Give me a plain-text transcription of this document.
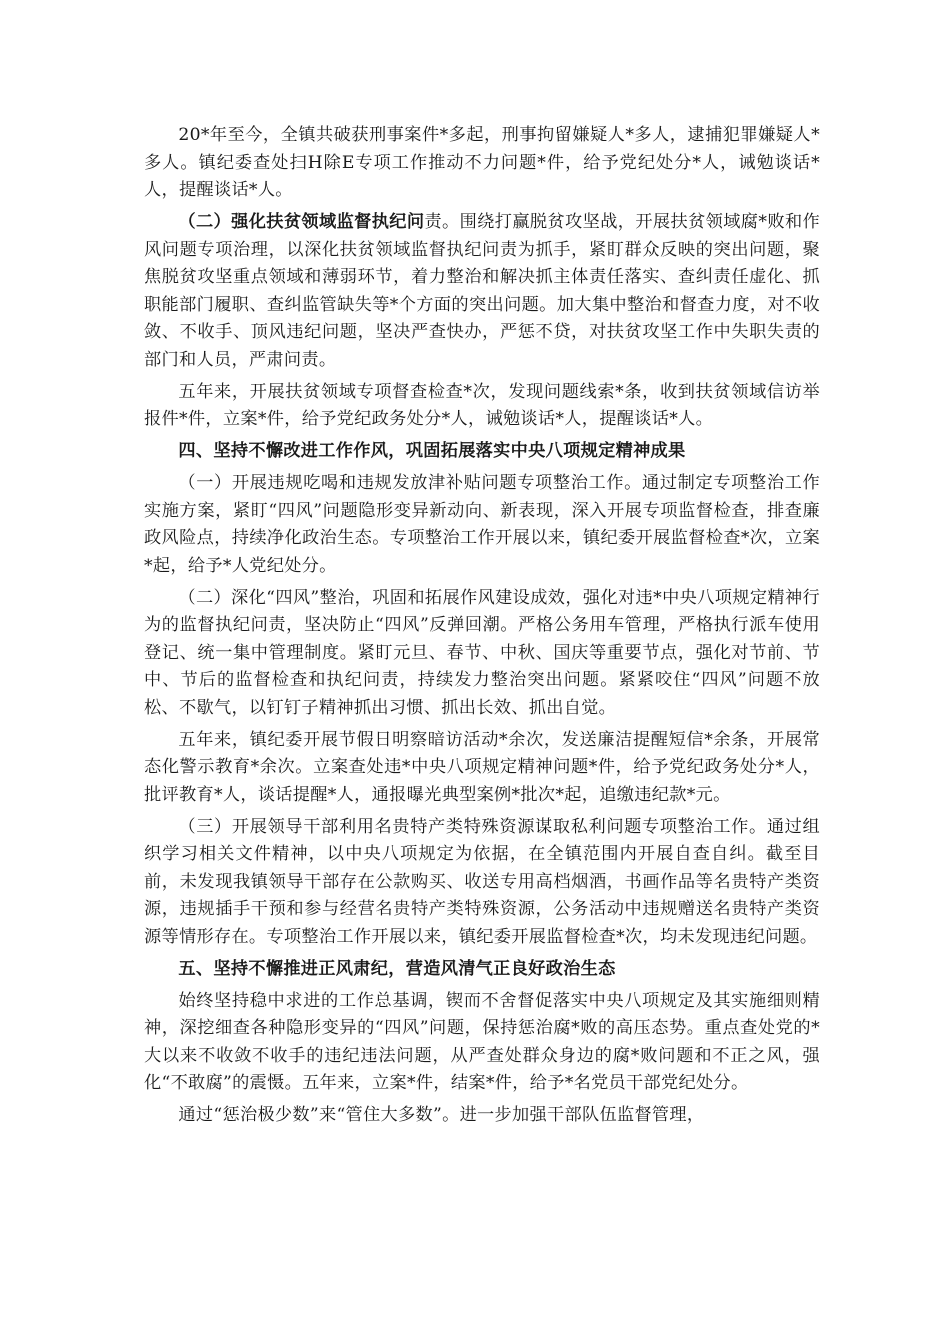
20*年至今，全镇共破获刑事案件*多起，刑事拘留嫌疑人*多人，逮捕犯罪嫌疑人*多人。镇纪委查处扫H除E专项工作推动不力问题*件，给予党纪处分*人，诫勉谈话*人，提醒谈话*人。

（二）强化扶贫领域监督执纪问责。围绕打赢脱贫攻坚战，开展扶贫领域腐*败和作风问题专项治理，以深化扶贫领域监督执纪问责为抓手，紧盯群众反映的突出问题，聚焦脱贫攻坚重点领域和薄弱环节，着力整治和解决抓主体责任落实、查纠责任虚化、抓职能部门履职、查纠监管缺失等*个方面的突出问题。加大集中整治和督查力度，对不收敛、不收手、顶风违纪问题，坚决严查快办，严惩不贷，对扶贫攻坚工作中失职失责的部门和人员，严肃问责。

五年来，开展扶贫领域专项督查检查*次，发现问题线索*条，收到扶贫领域信访举报件*件，立案*件，给予党纪政务处分*人，诫勉谈话*人，提醒谈话*人。

四、坚持不懈改进工作作风，巩固拓展落实中央八项规定精神成果

（一）开展违规吃喝和违规发放津补贴问题专项整治工作。通过制定专项整治工作实施方案，紧盯“四风”问题隐形变异新动向、新表现，深入开展专项监督检查，排查廉政风险点，持续净化政治生态。专项整治工作开展以来，镇纪委开展监督检查*次，立案*起，给予*人党纪处分。

（二）深化“四风”整治，巩固和拓展作风建设成效，强化对违*中央八项规定精神行为的监督执纪问责，坚决防止“四风”反弹回潮。严格公务用车管理，严格执行派车使用登记、统一集中管理制度。紧盯元旦、春节、中秋、国庆等重要节点，强化对节前、节中、节后的监督检查和执纪问责，持续发力整治突出问题。紧紧咬住“四风”问题不放松、不歇气，以钉钉子精神抓出习惯、抓出长效、抓出自觉。

五年来，镇纪委开展节假日明察暗访活动*余次，发送廉洁提醒短信*余条，开展常态化警示教育*余次。立案查处违*中央八项规定精神问题*件，给予党纪政务处分*人，批评教育*人，谈话提醒*人，通报曝光典型案例*批次*起，追缴违纪款*元。

（三）开展领导干部利用名贵特产类特殊资源谋取私利问题专项整治工作。通过组织学习相关文件精神，以中央八项规定为依据，在全镇范围内开展自查自纠。截至目前，未发现我镇领导干部存在公款购买、收送专用高档烟酒，书画作品等名贵特产类资源，违规插手干预和参与经营名贵特产类特殊资源，公务活动中违规赠送名贵特产类资源等情形存在。专项整治工作开展以来，镇纪委开展监督检查*次，均未发现违纪问题。

五、坚持不懈推进正风肃纪，营造风清气正良好政治生态

始终坚持稳中求进的工作总基调，锲而不舍督促落实中央八项规定及其实施细则精神，深挖细查各种隐形变异的“四风”问题，保持惩治腐*败的高压态势。重点查处党的*大以来不收敛不收手的违纪违法问题，从严查处群众身边的腐*败问题和不正之风，强化“不敢腐”的震慑。五年来，立案*件，结案*件，给予*名党员干部党纪处分。

通过“惩治极少数”来“管住大多数”。进一步加强干部队伍监督管理，
